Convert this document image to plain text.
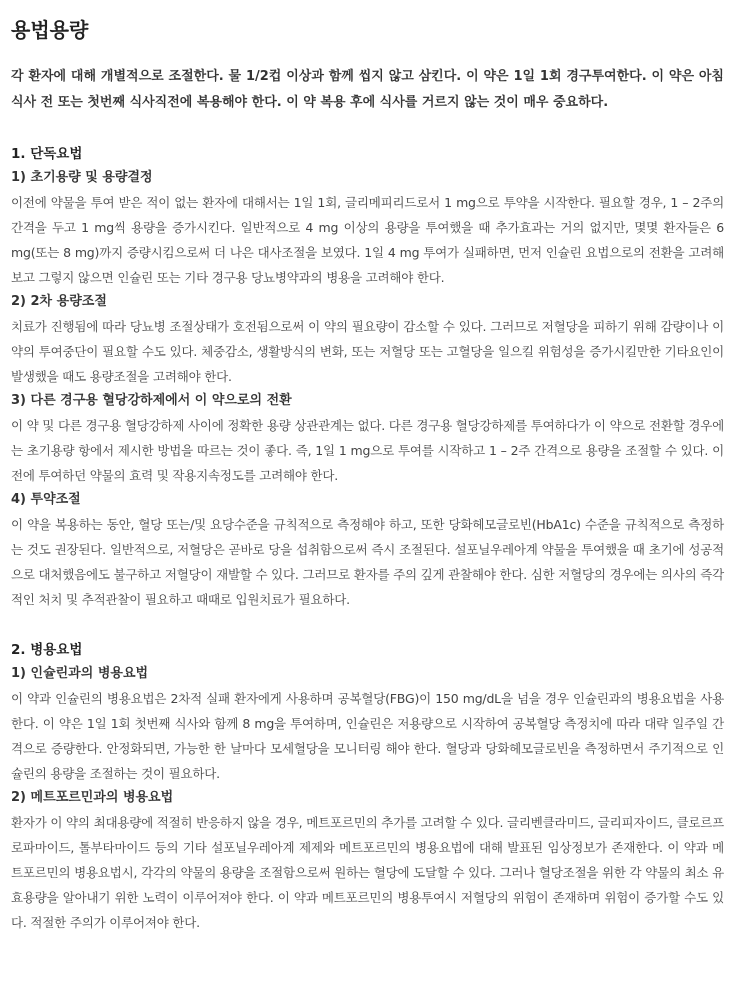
용법용량

각 환자에 대해 개별적으로 조절한다. 물 1/2컵 이상과 함께 씹지 않고 삼킨다. 이 약은 1일 1회 경구투여한다. 이 약은 아침식사 전 또는 첫번째 식사직전에 복용해야 한다. 이 약 복용 후에 식사를 거르지 않는 것이 매우 중요하다.

1. 단독요법
1) 초기용량 및 용량결정

이전에 약물을 투여 받은 적이 없는 환자에 대해서는 1일 1회, 글리메피리드로서 1 mg으로 투약을 시작한다. 필요할 경우, 1 – 2주의 간격을 두고 1 mg씩 용량을 증가시킨다. 일반적으로 4 mg 이상의 용량을 투여했을 때 추가효과는 거의 없지만, 몇몇 환자들은 6 mg(또는 8 mg)까지 증량시킴으로써 더 나은 대사조절을 보였다. 1일 4 mg 투여가 실패하면, 먼저 인슐린 요법으로의 전환을 고려해 보고 그렇지 않으면 인슐린 또는 기타 경구용 당뇨병약과의 병용을 고려해야 한다.

2) 2차 용량조절

치료가 진행됨에 따라 당뇨병 조절상태가 호전됨으로써 이 약의 필요량이 감소할 수 있다. 그러므로 저혈당을 피하기 위해 감량이나 이 약의 투여중단이 필요할 수도 있다. 체중감소, 생활방식의 변화, 또는 저혈당 또는 고혈당을 일으킬 위험성을 증가시킬만한 기타요인이 발생했을 때도 용량조절을 고려해야 한다.

3) 다른 경구용 혈당강하제에서 이 약으로의 전환

이 약 및 다른 경구용 혈당강하제 사이에 정확한 용량 상관관계는 없다. 다른 경구용 혈당강하제를 투여하다가 이 약으로 전환할 경우에는 초기용량 항에서 제시한 방법을 따르는 것이 좋다. 즉, 1일 1 mg으로 투여를 시작하고 1 – 2주 간격으로 용량을 조절할 수 있다. 이전에 투여하던 약물의 효력 및 작용지속정도를 고려해야 한다.

4) 투약조절

이 약을 복용하는 동안, 혈당 또는/및 요당수준을 규칙적으로 측정해야 하고, 또한 당화헤모글로빈(HbA1c) 수준을 규칙적으로 측정하는 것도 권장된다. 일반적으로, 저혈당은 곧바로 당을 섭취함으로써 즉시 조절된다. 설포닐우레아계 약물을 투여했을 때 초기에 성공적으로 대처했음에도 불구하고 저혈당이 재발할 수 있다. 그러므로 환자를 주의 깊게 관찰해야 한다. 심한 저혈당의 경우에는 의사의 즉각적인 처치 및 추적관찰이 필요하고 때때로 입원치료가 필요하다.

2. 병용요법
1) 인슐린과의 병용요법

이 약과 인슐린의 병용요법은 2차적 실패 환자에게 사용하며 공복혈당(FBG)이 150 mg/dL을 넘을 경우 인슐린과의 병용요법을 사용한다. 이 약은 1일 1회 첫번째 식사와 함께 8 mg을 투여하며, 인슐린은 저용량으로 시작하여 공복혈당 측정치에 따라 대략 일주일 간격으로 증량한다. 안정화되면, 가능한 한 날마다 모세혈당을 모니터링 해야 한다. 혈당과 당화헤모글로빈을 측정하면서 주기적으로 인슐린의 용량을 조절하는 것이 필요하다.

2) 메트포르민과의 병용요법

환자가 이 약의 최대용량에 적절히 반응하지 않을 경우, 메트포르민의 추가를 고려할 수 있다. 글리벤클라미드, 글리피자이드, 클로르프로파마이드, 톨부타마이드 등의 기타 설포닐우레아계 제제와 메트포르민의 병용요법에 대해 발표된 임상정보가 존재한다. 이 약과 메트포르민의 병용요법시, 각각의 약물의 용량을 조절함으로써 원하는 혈당에 도달할 수 있다. 그러나 혈당조절을 위한 각 약물의 최소 유효용량을 알아내기 위한 노력이 이루어져야 한다. 이 약과 메트포르민의 병용투여시 저혈당의 위험이 존재하며 위험이 증가할 수도 있다. 적절한 주의가 이루어져야 한다.
